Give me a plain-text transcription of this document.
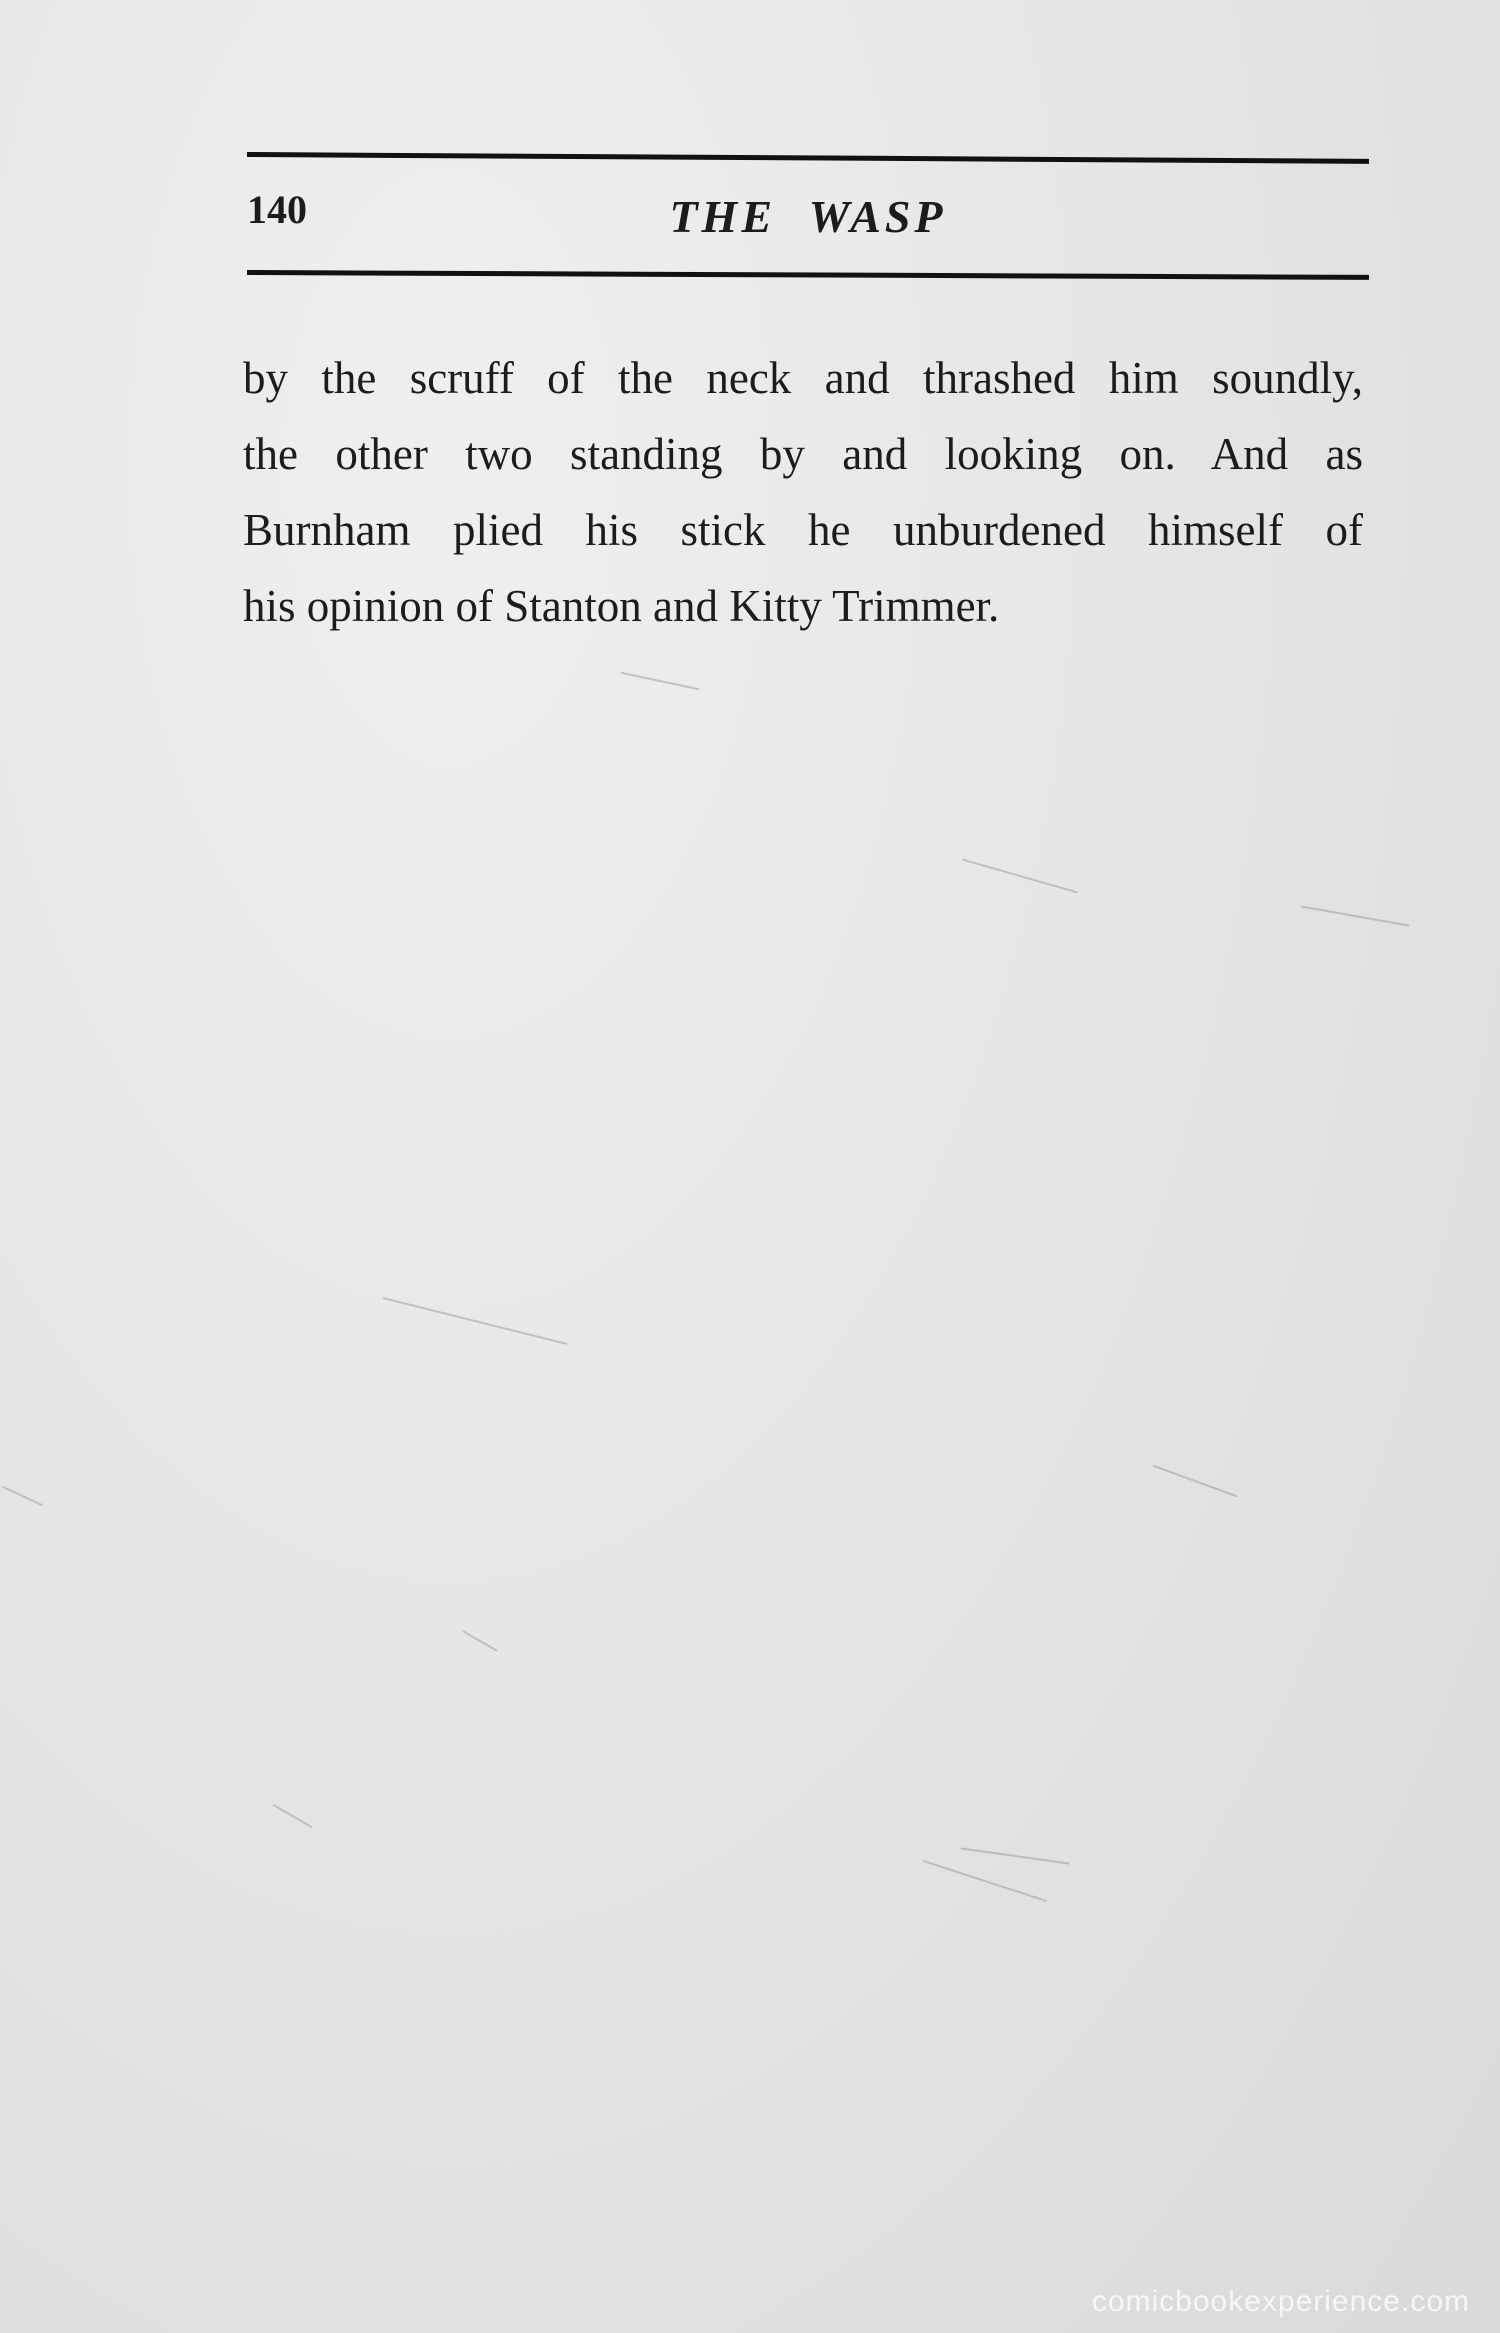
140	THE WASP
by the scruff of the neck and thrashed him soundly,
the other two standing by and looking on. And as
Burnham plied his stick he unburdened himself of
his opinion of Stanton and Kitty Trimmer.
comicbookexperience.com
